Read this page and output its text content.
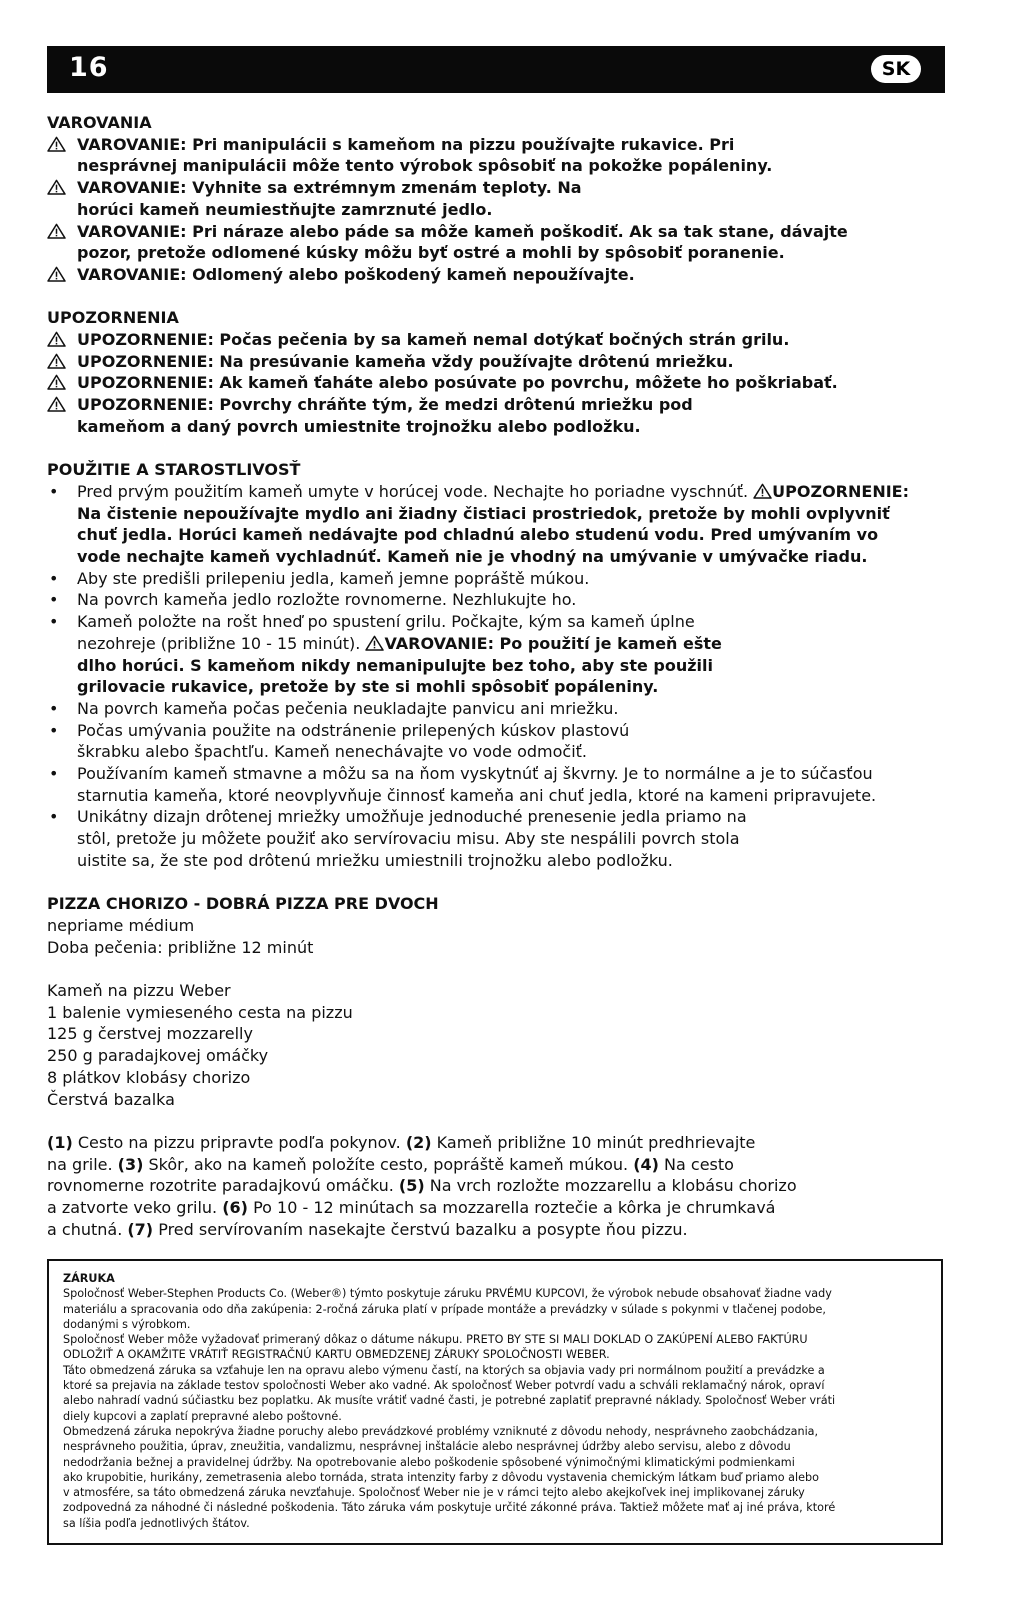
16	SK
VAROVANIA
VAROVANIE: Pri manipulácii s kameňom na pizzu používajte rukavice. Pri
nesprávnej manipulácii môže tento výrobok spôsobiť na pokožke popáleniny.
VAROVANIE: Vyhnite sa extrémnym zmenám teploty. Na
horúci kameň neumiestňujte zamrznuté jedlo.
VAROVANIE: Pri náraze alebo páde sa môže kameň poškodiť. Ak sa tak stane, dávajte
pozor, pretože odlomené kúsky môžu byť ostré a mohli by spôsobiť poranenie.
VAROVANIE: Odlomený alebo poškodený kameň nepoužívajte.
UPOZORNENIA
UPOZORNENIE: Počas pečenia by sa kameň nemal dotýkať bočných strán grilu.
UPOZORNENIE: Na presúvanie kameňa vždy používajte drôtenú mriežku.
UPOZORNENIE: Ak kameň ťaháte alebo posúvate po povrchu, môžete ho poškriabať.
UPOZORNENIE: Povrchy chráňte tým, že medzi drôtenú mriežku pod
kameňom a daný povrch umiestnite trojnožku alebo podložku.
POUŽITIE A STAROSTLIVOSŤ
•	Pred prvým použitím kameň umyte v horúcej vode. Nechajte ho poriadne vyschnúť. UPOZORNENIE:
Na čistenie nepoužívajte mydlo ani žiadny čistiaci prostriedok, pretože by mohli ovplyvniť
chuť jedla. Horúci kameň nedávajte pod chladnú alebo studenú vodu. Pred umývaním vo
vode nechajte kameň vychladnúť. Kameň nie je vhodný na umývanie v umývačke riadu.
•	Aby ste predišli prilepeniu jedla, kameň jemne popráště múkou.
•	Na povrch kameňa jedlo rozložte rovnomerne. Nezhlukujte ho.
•	Kameň položte na rošt hneď po spustení grilu. Počkajte, kým sa kameň úplne
nezohreje (približne 10 - 15 minút). VAROVANIE: Po použití je kameň ešte
dlho horúci. S kameňom nikdy nemanipulujte bez toho, aby ste použili
grilovacie rukavice, pretože by ste si mohli spôsobiť popáleniny.
•	Na povrch kameňa počas pečenia neukladajte panvicu ani mriežku.
•	Počas umývania použite na odstránenie prilepených kúskov plastovú
škrabku alebo špachtľu. Kameň nenechávajte vo vode odmočiť.
•	Používaním kameň stmavne a môžu sa na ňom vyskytnúť aj škvrny. Je to normálne a je to súčasťou
starnutia kameňa, ktoré neovplyvňuje činnosť kameňa ani chuť jedla, ktoré na kameni pripravujete.
•	Unikátny dizajn drôtenej mriežky umožňuje jednoduché prenesenie jedla priamo na
stôl, pretože ju môžete použiť ako servírovaciu misu. Aby ste nespálili povrch stola
uistite sa, že ste pod drôtenú mriežku umiestnili trojnožku alebo podložku.
PIZZA CHORIZO - DOBRÁ PIZZA PRE DVOCH
nepriame médium
Doba pečenia: približne 12 minút
Kameň na pizzu Weber
1 balenie vymieseného cesta na pizzu
125 g čerstvej mozzarelly
250 g paradajkovej omáčky
8 plátkov klobásy chorizo
Čerstvá bazalka
(1) Cesto na pizzu pripravte podľa pokynov. (2) Kameň približne 10 minút predhrievajte
na grile. (3) Skôr, ako na kameň položíte cesto, popráště kameň múkou. (4) Na cesto
rovnomerne rozotrite paradajkovú omáčku. (5) Na vrch rozložte mozzarellu a klobásu chorizo
a zatvorte veko grilu. (6) Po 10 - 12 minútach sa mozzarella roztečie a kôrka je chrumkavá
a chutná. (7) Pred servírovaním nasekajte čerstvú bazalku a posypte ňou pizzu.
ZÁRUKA
Spoločnosť Weber-Stephen Products Co. (Weber®) týmto poskytuje záruku PRVÉMU KUPCOVI, že výrobok nebude obsahovať žiadne vady
materiálu a spracovania odo dňa zakúpenia: 2-ročná záruka platí v prípade montáže a prevádzky v súlade s pokynmi v tlačenej podobe,
dodanými s výrobkom.
Spoločnosť Weber môže vyžadovať primeraný dôkaz o dátume nákupu. PRETO BY STE SI MALI DOKLAD O ZAKÚPENÍ ALEBO FAKTÚRU
ODLOŽIŤ A OKAMŽITE VRÁTIŤ REGISTRAČNÚ KARTU OBMEDZENEJ ZÁRUKY SPOLOČNOSTI WEBER.
Táto obmedzená záruka sa vzťahuje len na opravu alebo výmenu častí, na ktorých sa objavia vady pri normálnom použití a prevádzke a
ktoré sa prejavia na základe testov spoločnosti Weber ako vadné. Ak spoločnosť Weber potvrdí vadu a schváli reklamačný nárok, opraví
alebo nahradí vadnú súčiastku bez poplatku. Ak musíte vrátiť vadné časti, je potrebné zaplatiť prepravné náklady. Spoločnosť Weber vráti
diely kupcovi a zaplatí prepravné alebo poštovné.
Obmedzená záruka nepokrýva žiadne poruchy alebo prevádzkové problémy vzniknuté z dôvodu nehody, nesprávneho zaobchádzania,
nesprávneho použitia, úprav, zneužitia, vandalizmu, nesprávnej inštalácie alebo nesprávnej údržby alebo servisu, alebo z dôvodu
nedodržania bežnej a pravidelnej údržby. Na opotrebovanie alebo poškodenie spôsobené výnimočnými klimatickými podmienkami
ako krupobitie, hurikány, zemetrasenia alebo tornáda, strata intenzity farby z dôvodu vystavenia chemickým látkam buď priamo alebo
v atmosfére, sa táto obmedzená záruka nevzťahuje. Spoločnosť Weber nie je v rámci tejto alebo akejkoľvek inej implikovanej záruky
zodpovedná za náhodné či následné poškodenia. Táto záruka vám poskytuje určité zákonné práva. Taktiež môžete mať aj iné práva, ktoré
sa líšia podľa jednotlivých štátov.
